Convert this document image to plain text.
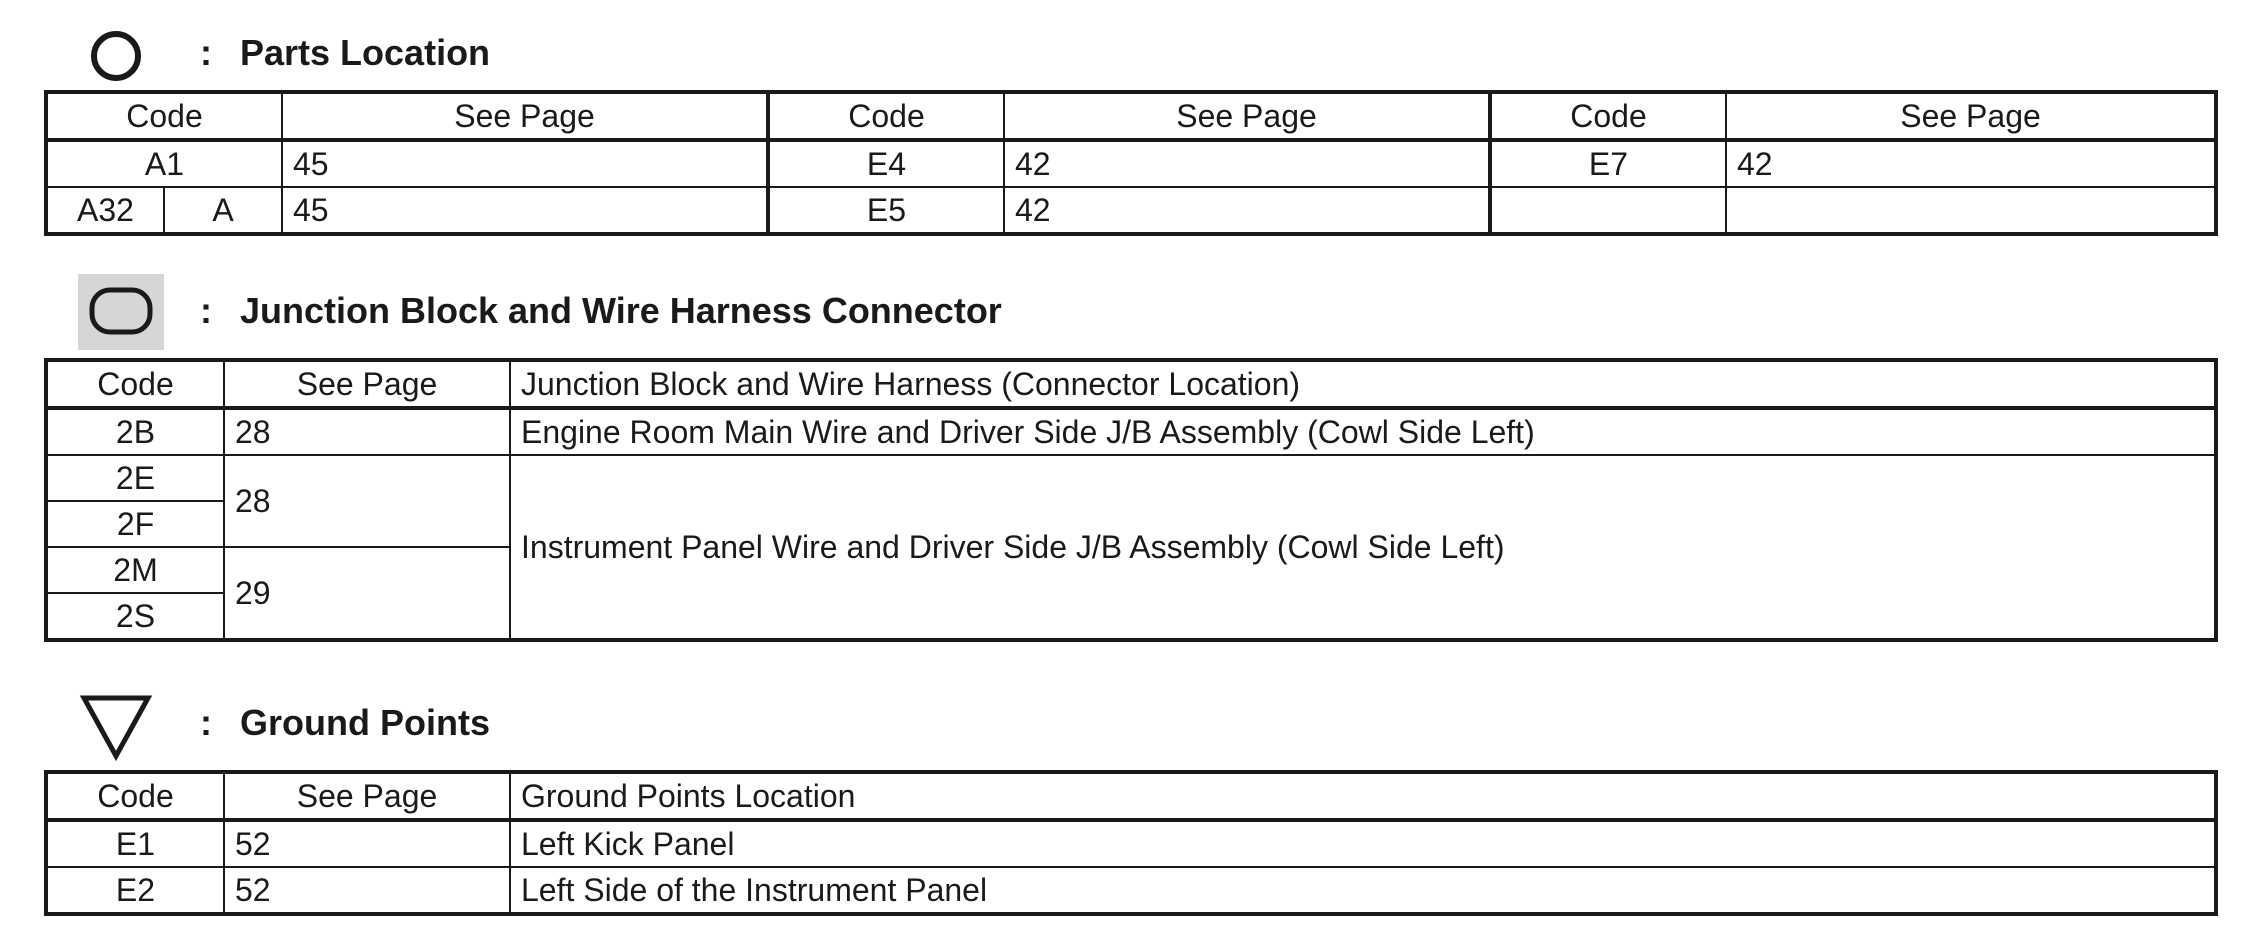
: Parts Location
Code		See Page	Code	See Page	Code	See Page
A1		45	E4	42	E7	42
A32	A	45	E5	42		
: Junction Block and Wire Harness Connector
Code	See Page	Junction Block and Wire Harness (Connector Location)
2B	28	Engine Room Main Wire and Driver Side J/B Assembly (Cowl Side Left)
2E	28	Instrument Panel Wire and Driver Side J/B Assembly (Cowl Side Left)
2F		
2M	29	
2S		
: Ground Points
Code	See Page	Ground Points Location
E1	52	Left Kick Panel
E2	52	Left Side of the Instrument Panel
